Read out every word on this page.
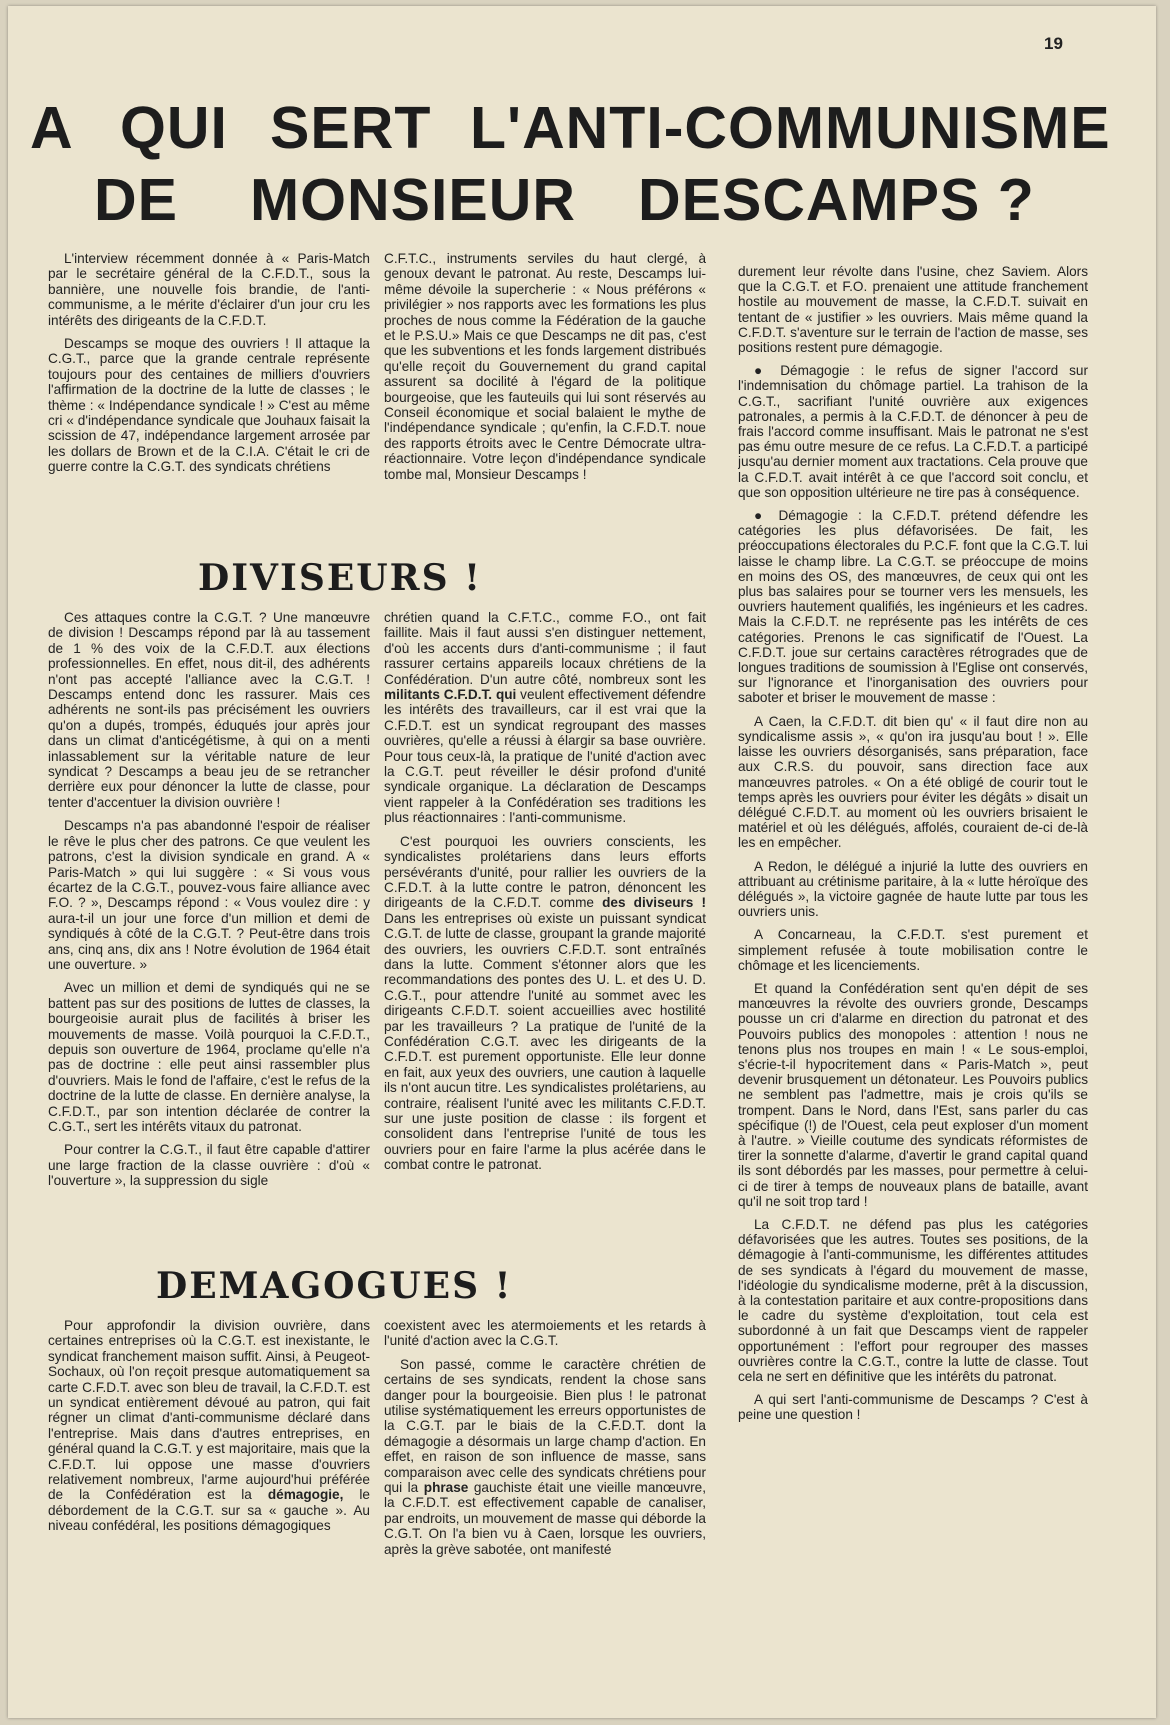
19
A QUI SERT L'ANTI-COMMUNISME
DE MONSIEUR DESCAMPS ?

L'interview récemment donnée à « Paris-Match par le secrétaire général de la C.F.D.T., sous la bannière, une nouvelle fois brandie, de l'anti-communisme, a le mérite d'éclairer d'un jour cru les intérêts des dirigeants de la C.F.D.T.

Descamps se moque des ouvriers ! Il attaque la C.G.T., parce que la grande centrale représente toujours pour des centaines de milliers d'ouvriers l'affirmation de la doctrine de la lutte de classes ; le thème : « Indépendance syndicale ! » C'est au même cri « d'indépendance syndicale que Jouhaux faisait la scission de 47, indépendance largement arrosée par les dollars de Brown et de la C.I.A. C'était le cri de guerre contre la C.G.T. des syndicats chrétiens

C.F.T.C., instruments serviles du haut clergé, à genoux devant le patronat. Au reste, Descamps lui-même dévoile la supercherie : « Nous préférons « privilégier » nos rapports avec les formations les plus proches de nous comme la Fédération de la gauche et le P.S.U.» Mais ce que Descamps ne dit pas, c'est que les subventions et les fonds largement distribués qu'elle reçoit du Gouvernement du grand capital assurent sa docilité à l'égard de la politique bourgeoise, que les fauteuils qui lui sont réservés au Conseil économique et social balaient le mythe de l'indépendance syndicale ; qu'enfin, la C.F.D.T. noue des rapports étroits avec le Centre Démocrate ultra-réactionnaire. Votre leçon d'indépendance syndicale tombe mal, Monsieur Descamps !

DIVISEURS !

Ces attaques contre la C.G.T. ? Une manœuvre de division ! Descamps répond par là au tassement de 1 % des voix de la C.F.D.T. aux élections professionnelles. En effet, nous dit-il, des adhérents n'ont pas accepté l'alliance avec la C.G.T. ! Descamps entend donc les rassurer. Mais ces adhérents ne sont-ils pas précisément les ouvriers qu'on a dupés, trompés, éduqués jour après jour dans un climat d'anticégétisme, à qui on a menti inlassablement sur la véritable nature de leur syndicat ? Descamps a beau jeu de se retrancher derrière eux pour dénoncer la lutte de classe, pour tenter d'accentuer la division ouvrière !

Descamps n'a pas abandonné l'espoir de réaliser le rêve le plus cher des patrons. Ce que veulent les patrons, c'est la division syndicale en grand. A « Paris-Match » qui lui suggère : « Si vous vous écartez de la C.G.T., pouvez-vous faire alliance avec F.O. ? », Descamps répond : « Vous voulez dire : y aura-t-il un jour une force d'un million et demi de syndiqués à côté de la C.G.T. ? Peut-être dans trois ans, cinq ans, dix ans ! Notre évolution de 1964 était une ouverture. »

Avec un million et demi de syndiqués qui ne se battent pas sur des positions de luttes de classes, la bourgeoisie aurait plus de facilités à briser les mouvements de masse. Voilà pourquoi la C.F.D.T., depuis son ouverture de 1964, proclame qu'elle n'a pas de doctrine : elle peut ainsi rassembler plus d'ouvriers. Mais le fond de l'affaire, c'est le refus de la doctrine de la lutte de classe. En dernière analyse, la C.F.D.T., par son intention déclarée de contrer la C.G.T., sert les intérêts vitaux du patronat.

Pour contrer la C.G.T., il faut être capable d'attirer une large fraction de la classe ouvrière : d'où « l'ouverture », la suppression du sigle

chrétien quand la C.F.T.C., comme F.O., ont fait faillite. Mais il faut aussi s'en distinguer nettement, d'où les accents durs d'anti-communisme ; il faut rassurer certains appareils locaux chrétiens de la Confédération. D'un autre côté, nombreux sont les militants C.F.D.T. qui veulent effectivement défendre les intérêts des travailleurs, car il est vrai que la C.F.D.T. est un syndicat regroupant des masses ouvrières, qu'elle a réussi à élargir sa base ouvrière. Pour tous ceux-là, la pratique de l'unité d'action avec la C.G.T. peut réveiller le désir profond d'unité syndicale organique. La déclaration de Descamps vient rappeler à la Confédération ses traditions les plus réactionnaires : l'anti-communisme.

C'est pourquoi les ouvriers conscients, les syndicalistes prolétariens dans leurs efforts persévérants d'unité, pour rallier les ouvriers de la C.F.D.T. à la lutte contre le patron, dénoncent les dirigeants de la C.F.D.T. comme des diviseurs ! Dans les entreprises où existe un puissant syndicat C.G.T. de lutte de classe, groupant la grande majorité des ouvriers, les ouvriers C.F.D.T. sont entraînés dans la lutte. Comment s'étonner alors que les recommandations des pontes des U. L. et des U. D. C.G.T., pour attendre l'unité au sommet avec les dirigeants C.F.D.T. soient accueillies avec hostilité par les travailleurs ? La pratique de l'unité de la Confédération C.G.T. avec les dirigeants de la C.F.D.T. est purement opportuniste. Elle leur donne en fait, aux yeux des ouvriers, une caution à laquelle ils n'ont aucun titre. Les syndicalistes prolétariens, au contraire, réalisent l'unité avec les militants C.F.D.T. sur une juste position de classe : ils forgent et consolident dans l'entreprise l'unité de tous les ouvriers pour en faire l'arme la plus acérée dans le combat contre le patronat.

DEMAGOGUES !

Pour approfondir la division ouvrière, dans certaines entreprises où la C.G.T. est inexistante, le syndicat franchement maison suffit. Ainsi, à Peugeot-Sochaux, où l'on reçoit presque automatiquement sa carte C.F.D.T. avec son bleu de travail, la C.F.D.T. est un syndicat entièrement dévoué au patron, qui fait régner un climat d'anti-communisme déclaré dans l'entreprise. Mais dans d'autres entreprises, en général quand la C.G.T. y est majoritaire, mais que la C.F.D.T. lui oppose une masse d'ouvriers relativement nombreux, l'arme aujourd'hui préférée de la Confédération est la démagogie, le débordement de la C.G.T. sur sa « gauche ». Au niveau confédéral, les positions démagogiques

coexistent avec les atermoiements et les retards à l'unité d'action avec la C.G.T.

Son passé, comme le caractère chrétien de certains de ses syndicats, rendent la chose sans danger pour la bourgeoisie. Bien plus ! le patronat utilise systématiquement les erreurs opportunistes de la C.G.T. par le biais de la C.F.D.T. dont la démagogie a désormais un large champ d'action. En effet, en raison de son influence de masse, sans comparaison avec celle des syndicats chrétiens pour qui la phrase gauchiste était une vieille manœuvre, la C.F.D.T. est effectivement capable de canaliser, par endroits, un mouvement de masse qui déborde la C.G.T. On l'a bien vu à Caen, lorsque les ouvriers, après la grève sabotée, ont manifesté

durement leur révolte dans l'usine, chez Saviem. Alors que la C.G.T. et F.O. prenaient une attitude franchement hostile au mouvement de masse, la C.F.D.T. suivait en tentant de « justifier » les ouvriers. Mais même quand la C.F.D.T. s'aventure sur le terrain de l'action de masse, ses positions restent pure démagogie.

● Démagogie : le refus de signer l'accord sur l'indemnisation du chômage partiel. La trahison de la C.G.T., sacrifiant l'unité ouvrière aux exigences patronales, a permis à la C.F.D.T. de dénoncer à peu de frais l'accord comme insuffisant. Mais le patronat ne s'est pas ému outre mesure de ce refus. La C.F.D.T. a participé jusqu'au dernier moment aux tractations. Cela prouve que la C.F.D.T. avait intérêt à ce que l'accord soit conclu, et que son opposition ultérieure ne tire pas à conséquence.

● Démagogie : la C.F.D.T. prétend défendre les catégories les plus défavorisées. De fait, les préoccupations électorales du P.C.F. font que la C.G.T. lui laisse le champ libre. La C.G.T. se préoccupe de moins en moins des OS, des manœuvres, de ceux qui ont les plus bas salaires pour se tourner vers les mensuels, les ouvriers hautement qualifiés, les ingénieurs et les cadres. Mais la C.F.D.T. ne représente pas les intérêts de ces catégories. Prenons le cas significatif de l'Ouest. La C.F.D.T. joue sur certains caractères rétrogrades que de longues traditions de soumission à l'Eglise ont conservés, sur l'ignorance et l'inorganisation des ouvriers pour saboter et briser le mouvement de masse :

A Caen, la C.F.D.T. dit bien qu' « il faut dire non au syndicalisme assis », « qu'on ira jusqu'au bout ! ». Elle laisse les ouvriers désorganisés, sans préparation, face aux C.R.S. du pouvoir, sans direction face aux manœuvres patroles. « On a été obligé de courir tout le temps après les ouvriers pour éviter les dégâts » disait un délégué C.F.D.T. au moment où les ouvriers brisaient le matériel et où les délégués, affolés, couraient de-ci de-là les en empêcher.

A Redon, le délégué a injurié la lutte des ouvriers en attribuant au crétinisme paritaire, à la « lutte héroïque des délégués », la victoire gagnée de haute lutte par tous les ouvriers unis.

A Concarneau, la C.F.D.T. s'est purement et simplement refusée à toute mobilisation contre le chômage et les licenciements.

Et quand la Confédération sent qu'en dépit de ses manœuvres la révolte des ouvriers gronde, Descamps pousse un cri d'alarme en direction du patronat et des Pouvoirs publics des monopoles : attention ! nous ne tenons plus nos troupes en main ! « Le sous-emploi, s'écrie-t-il hypocritement dans « Paris-Match », peut devenir brusquement un détonateur. Les Pouvoirs publics ne semblent pas l'admettre, mais je crois qu'ils se trompent. Dans le Nord, dans l'Est, sans parler du cas spécifique (!) de l'Ouest, cela peut exploser d'un moment à l'autre. » Vieille coutume des syndicats réformistes de tirer la sonnette d'alarme, d'avertir le grand capital quand ils sont débordés par les masses, pour permettre à celui-ci de tirer à temps de nouveaux plans de bataille, avant qu'il ne soit trop tard !

La C.F.D.T. ne défend pas plus les catégories défavorisées que les autres. Toutes ses positions, de la démagogie à l'anti-communisme, les différentes attitudes de ses syndicats à l'égard du mouvement de masse, l'idéologie du syndicalisme moderne, prêt à la discussion, à la contestation paritaire et aux contre-propositions dans le cadre du système d'exploitation, tout cela est subordonné à un fait que Descamps vient de rappeler opportunément : l'effort pour regrouper des masses ouvrières contre la C.G.T., contre la lutte de classe. Tout cela ne sert en définitive que les intérêts du patronat.

A qui sert l'anti-communisme de Descamps ? C'est à peine une question !
